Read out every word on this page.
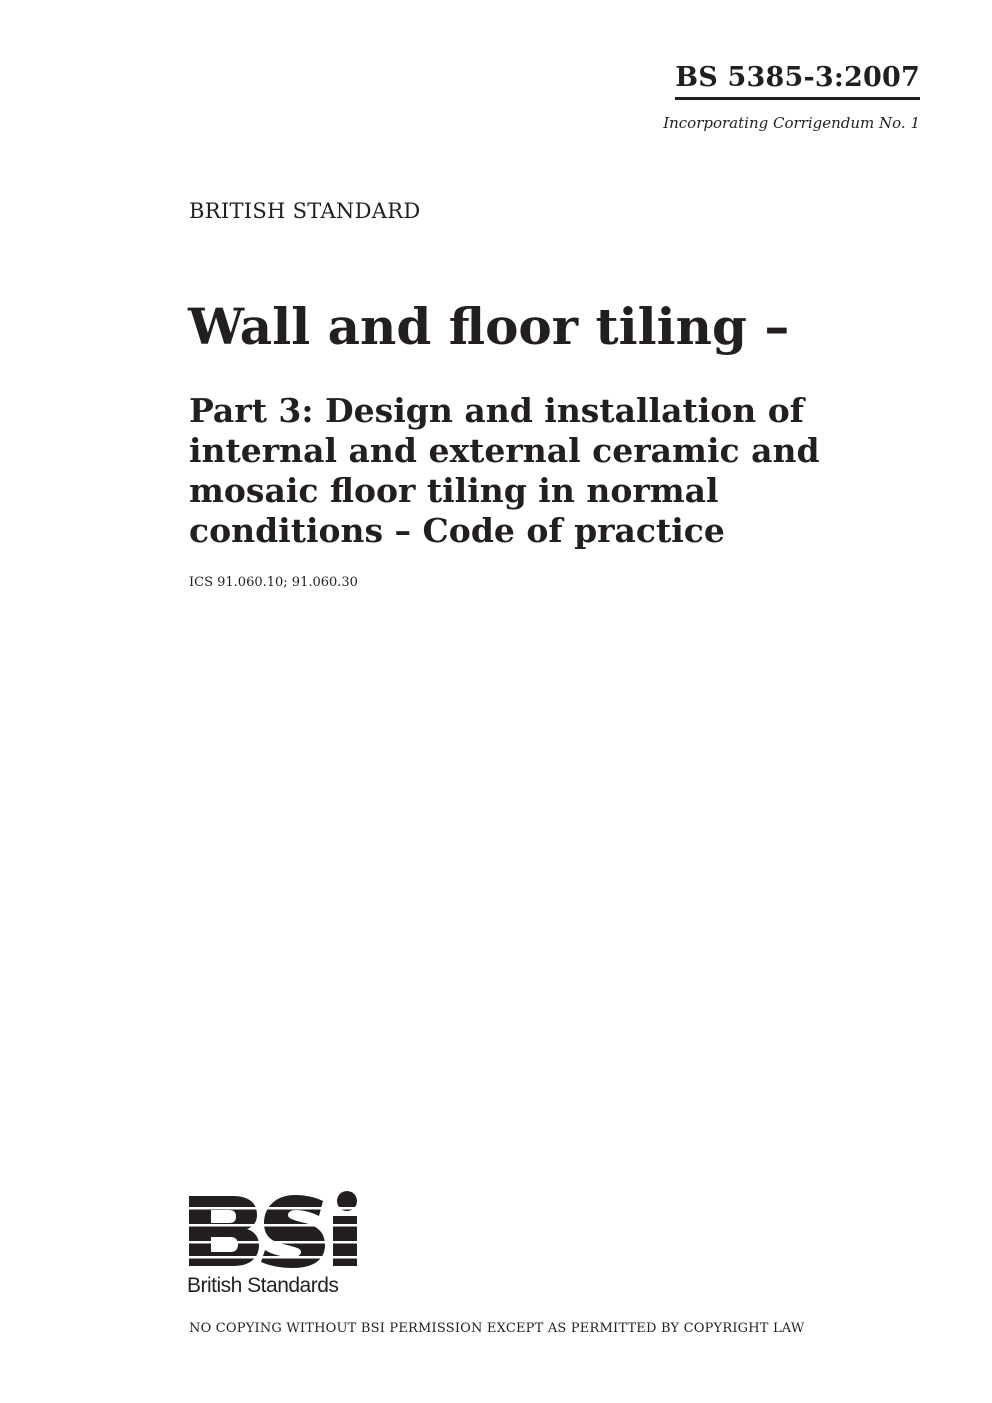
BS 5385-3:2007
Incorporating Corrigendum No. 1
BRITISH STANDARD
Wall and floor tiling –
Part 3: Design and installation of internal and external ceramic and mosaic floor tiling in normal conditions – Code of practice
ICS 91.060.10; 91.060.30
British Standards
NO COPYING WITHOUT BSI PERMISSION EXCEPT AS PERMITTED BY COPYRIGHT LAW
